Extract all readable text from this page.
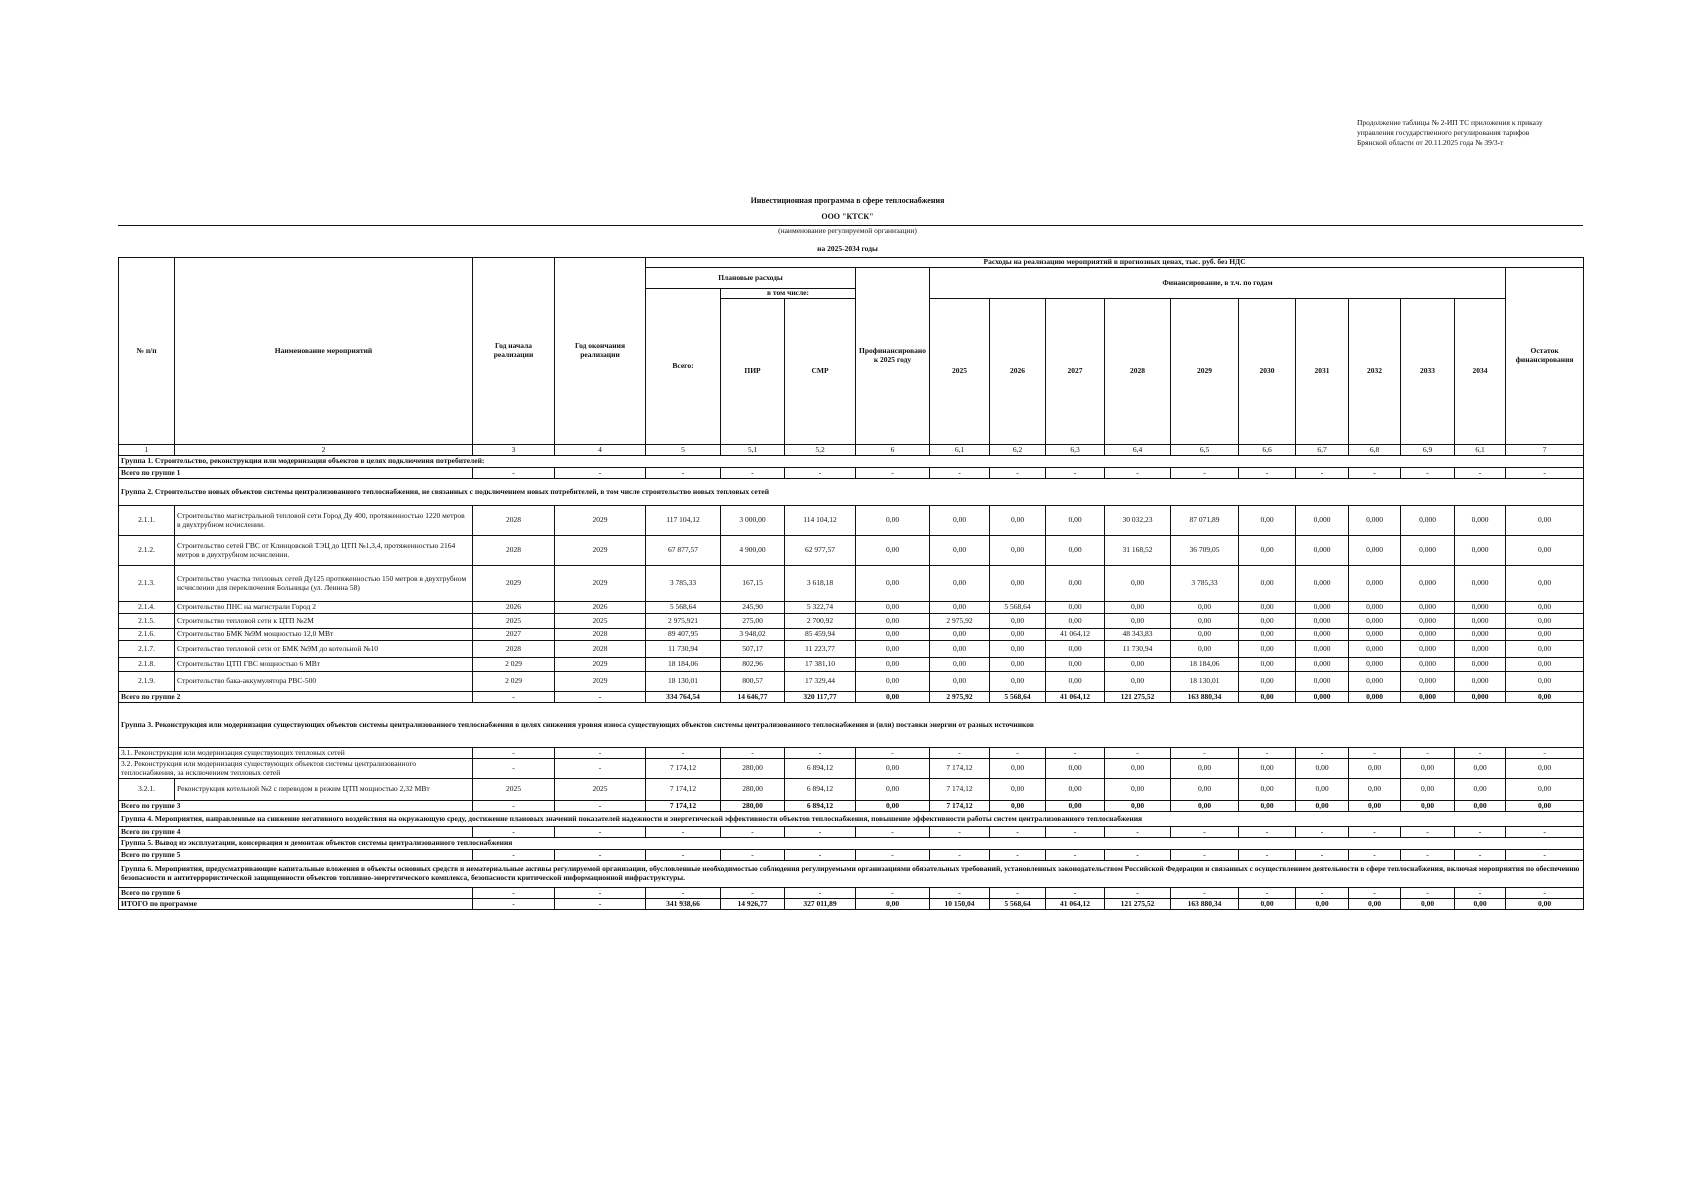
Продолжение таблицы № 2-ИП ТС приложения к приказу
управления государственного регулирования тарифов
Брянской области от 20.11.2025 года № 39/3-т
Инвестиционная программа в сфере теплоснабжения
ООО "КТСК"
(наименование регулируемой организации)
на 2025-2034 годы
№ п/п	Наименование мероприятий	Год начала реализации	Год окончания реализации	Расходы на реализацию мероприятий в прогнозных ценах, тыс. руб. без НДС														
				Плановые расходы			Профинансировано к 2025 году	Финансирование, в т.ч. по годам										Остаток финансирования
				Всего:	в том числе:													
					ПИР	СМР		2025	2026	2027	2028	2029	2030	2031	2032	2033	2034	
1	2	3	4	5	5,1	5,2	6	6,1	6,2	6,3	6,4	6,5	6,6	6,7	6,8	6,9	6,1	7
Группа 1. Строительство, реконструкция или модернизация объектов в целях подключения потребителей:																		
Всего по группе 1		-	-	-	-	-	-	-	-	-	-	-	-	-	-	-	-	-
Группа 2. Строительство новых объектов системы централизованного теплоснабжения, не связанных с подключением новых потребителей, в том числе строительство новых тепловых сетей																		
2.1.1.	Строительство магистральной тепловой сети Город Ду 400, протяженностью 1220 метров в двухтрубном исчислении.	2028	2029	117 104,12	3 000,00	114 104,12	0,00	0,00	0,00	0,00	30 032,23	87 071,89	0,00	0,000	0,000	0,000	0,000	0,00
2.1.2.	Строительство сетей ГВС от Клинцовской ТЭЦ до ЦТП №1,3,4, протяженностью 2164 метров в двухтрубном исчислении.	2028	2029	67 877,57	4 900,00	62 977,57	0,00	0,00	0,00	0,00	31 168,52	36 709,05	0,00	0,000	0,000	0,000	0,000	0,00
2.1.3.	Строительство участка тепловых сетей Ду125 протяженностью 150 метров в двухтрубном исчислении для переключения Больницы (ул. Ленина 58)	2029	2029	3 785,33	167,15	3 618,18	0,00	0,00	0,00	0,00	0,00	3 785,33	0,00	0,000	0,000	0,000	0,000	0,00
2.1.4.	Строительство ПНС на магистрали Город 2	2026	2026	5 568,64	245,90	5 322,74	0,00	0,00	5 568,64	0,00	0,00	0,00	0,00	0,000	0,000	0,000	0,000	0,00
2.1.5.	Строительство тепловой сети к ЦТП №2М	2025	2025	2 975,921	275,00	2 700,92	0,00	2 975,92	0,00	0,00	0,00	0,00	0,00	0,000	0,000	0,000	0,000	0,00
2.1.6.	Строительство БМК №9М мощностью 12,0 МВт	2027	2028	89 407,95	3 948,02	85 459,94	0,00	0,00	0,00	41 064,12	48 343,83	0,00	0,00	0,000	0,000	0,000	0,000	0,00
2.1.7.	Строительство тепловой сети от БМК №9М до котельной №10	2028	2028	11 730,94	507,17	11 223,77	0,00	0,00	0,00	0,00	11 730,94	0,00	0,00	0,000	0,000	0,000	0,000	0,00
2.1.8.	Строительство ЦТП ГВС мощностью 6 МВт	2 029	2029	18 184,06	802,96	17 381,10	0,00	0,00	0,00	0,00	0,00	18 184,06	0,00	0,000	0,000	0,000	0,000	0,00
2.1.9.	Строительство бака-аккумулятора РВС-500	2 029	2029	18 130,01	800,57	17 329,44	0,00	0,00	0,00	0,00	0,00	18 130,01	0,00	0,000	0,000	0,000	0,000	0,00
Всего по группе 2		-	-	334 764,54	14 646,77	320 117,77	0,00	2 975,92	5 568,64	41 064,12	121 275,52	163 880,34	0,00	0,000	0,000	0,000	0,000	0,00
Группа 3. Реконструкция или модернизация существующих объектов системы централизованного теплоснабжения в целях снижения уровня износа существующих объектов системы централизованного теплоснабжения и (или) поставки энергии от разных источников																		
3.1. Реконструкция или модернизация существующих тепловых сетей		-	-	-	-	-	-	-	-	-	-	-	-	-	-	-	-	-
3.2. Реконструкция или модернизация существующих объектов системы централизованного теплоснабжения, за исключением тепловых сетей		-	-	7 174,12	280,00	6 894,12	0,00	7 174,12	0,00	0,00	0,00	0,00	0,00	0,00	0,00	0,00	0,00	0,00
3.2.1.	Реконструкция котельной №2 с переводом в режим ЦТП мощностью 2,32 МВт	2025	2025	7 174,12	280,00	6 894,12	0,00	7 174,12	0,00	0,00	0,00	0,00	0,00	0,00	0,00	0,00	0,00	0,00
Всего по группе 3		-	-	7 174,12	280,00	6 894,12	0,00	7 174,12	0,00	0,00	0,00	0,00	0,00	0,00	0,00	0,00	0,00	0,00
Группа 4. Мероприятия, направленные на снижение негативного воздействия на окружающую среду, достижение плановых значений показателей надежности и энергетической эффективности объектов теплоснабжения, повышение эффективности работы систем централизованного теплоснабжения																		
Всего по группе 4		-	-	-	-	-	-	-	-	-	-	-	-	-	-	-	-	-
Группа 5. Вывод из эксплуатации, консервация и демонтаж объектов системы централизованного теплоснабжения																		
Всего по группе 5		-	-	-	-	-	-	-	-	-	-	-	-	-	-	-	-	-
Группа 6. Мероприятия, предусматривающие капитальные вложения в объекты основных средств и нематериальные активы регулируемой организации, обусловленные необходимостью соблюдения регулируемыми организациями обязательных требований, установленных законодательством Российской Федерации и связанных с осуществлением деятельности в сфере теплоснабжения, включая мероприятия по обеспечению безопасности и антитеррористической защищенности объектов топливно-энергетического комплекса, безопасности критической информационной инфраструктуры.																		
Всего по группе 6		-	-	-	-	-	-	-	-	-	-	-	-	-	-	-	-	-
ИТОГО по программе		-	-	341 938,66	14 926,77	327 011,89	0,00	10 150,04	5 568,64	41 064,12	121 275,52	163 880,34	0,00	0,00	0,00	0,00	0,00	0,00
